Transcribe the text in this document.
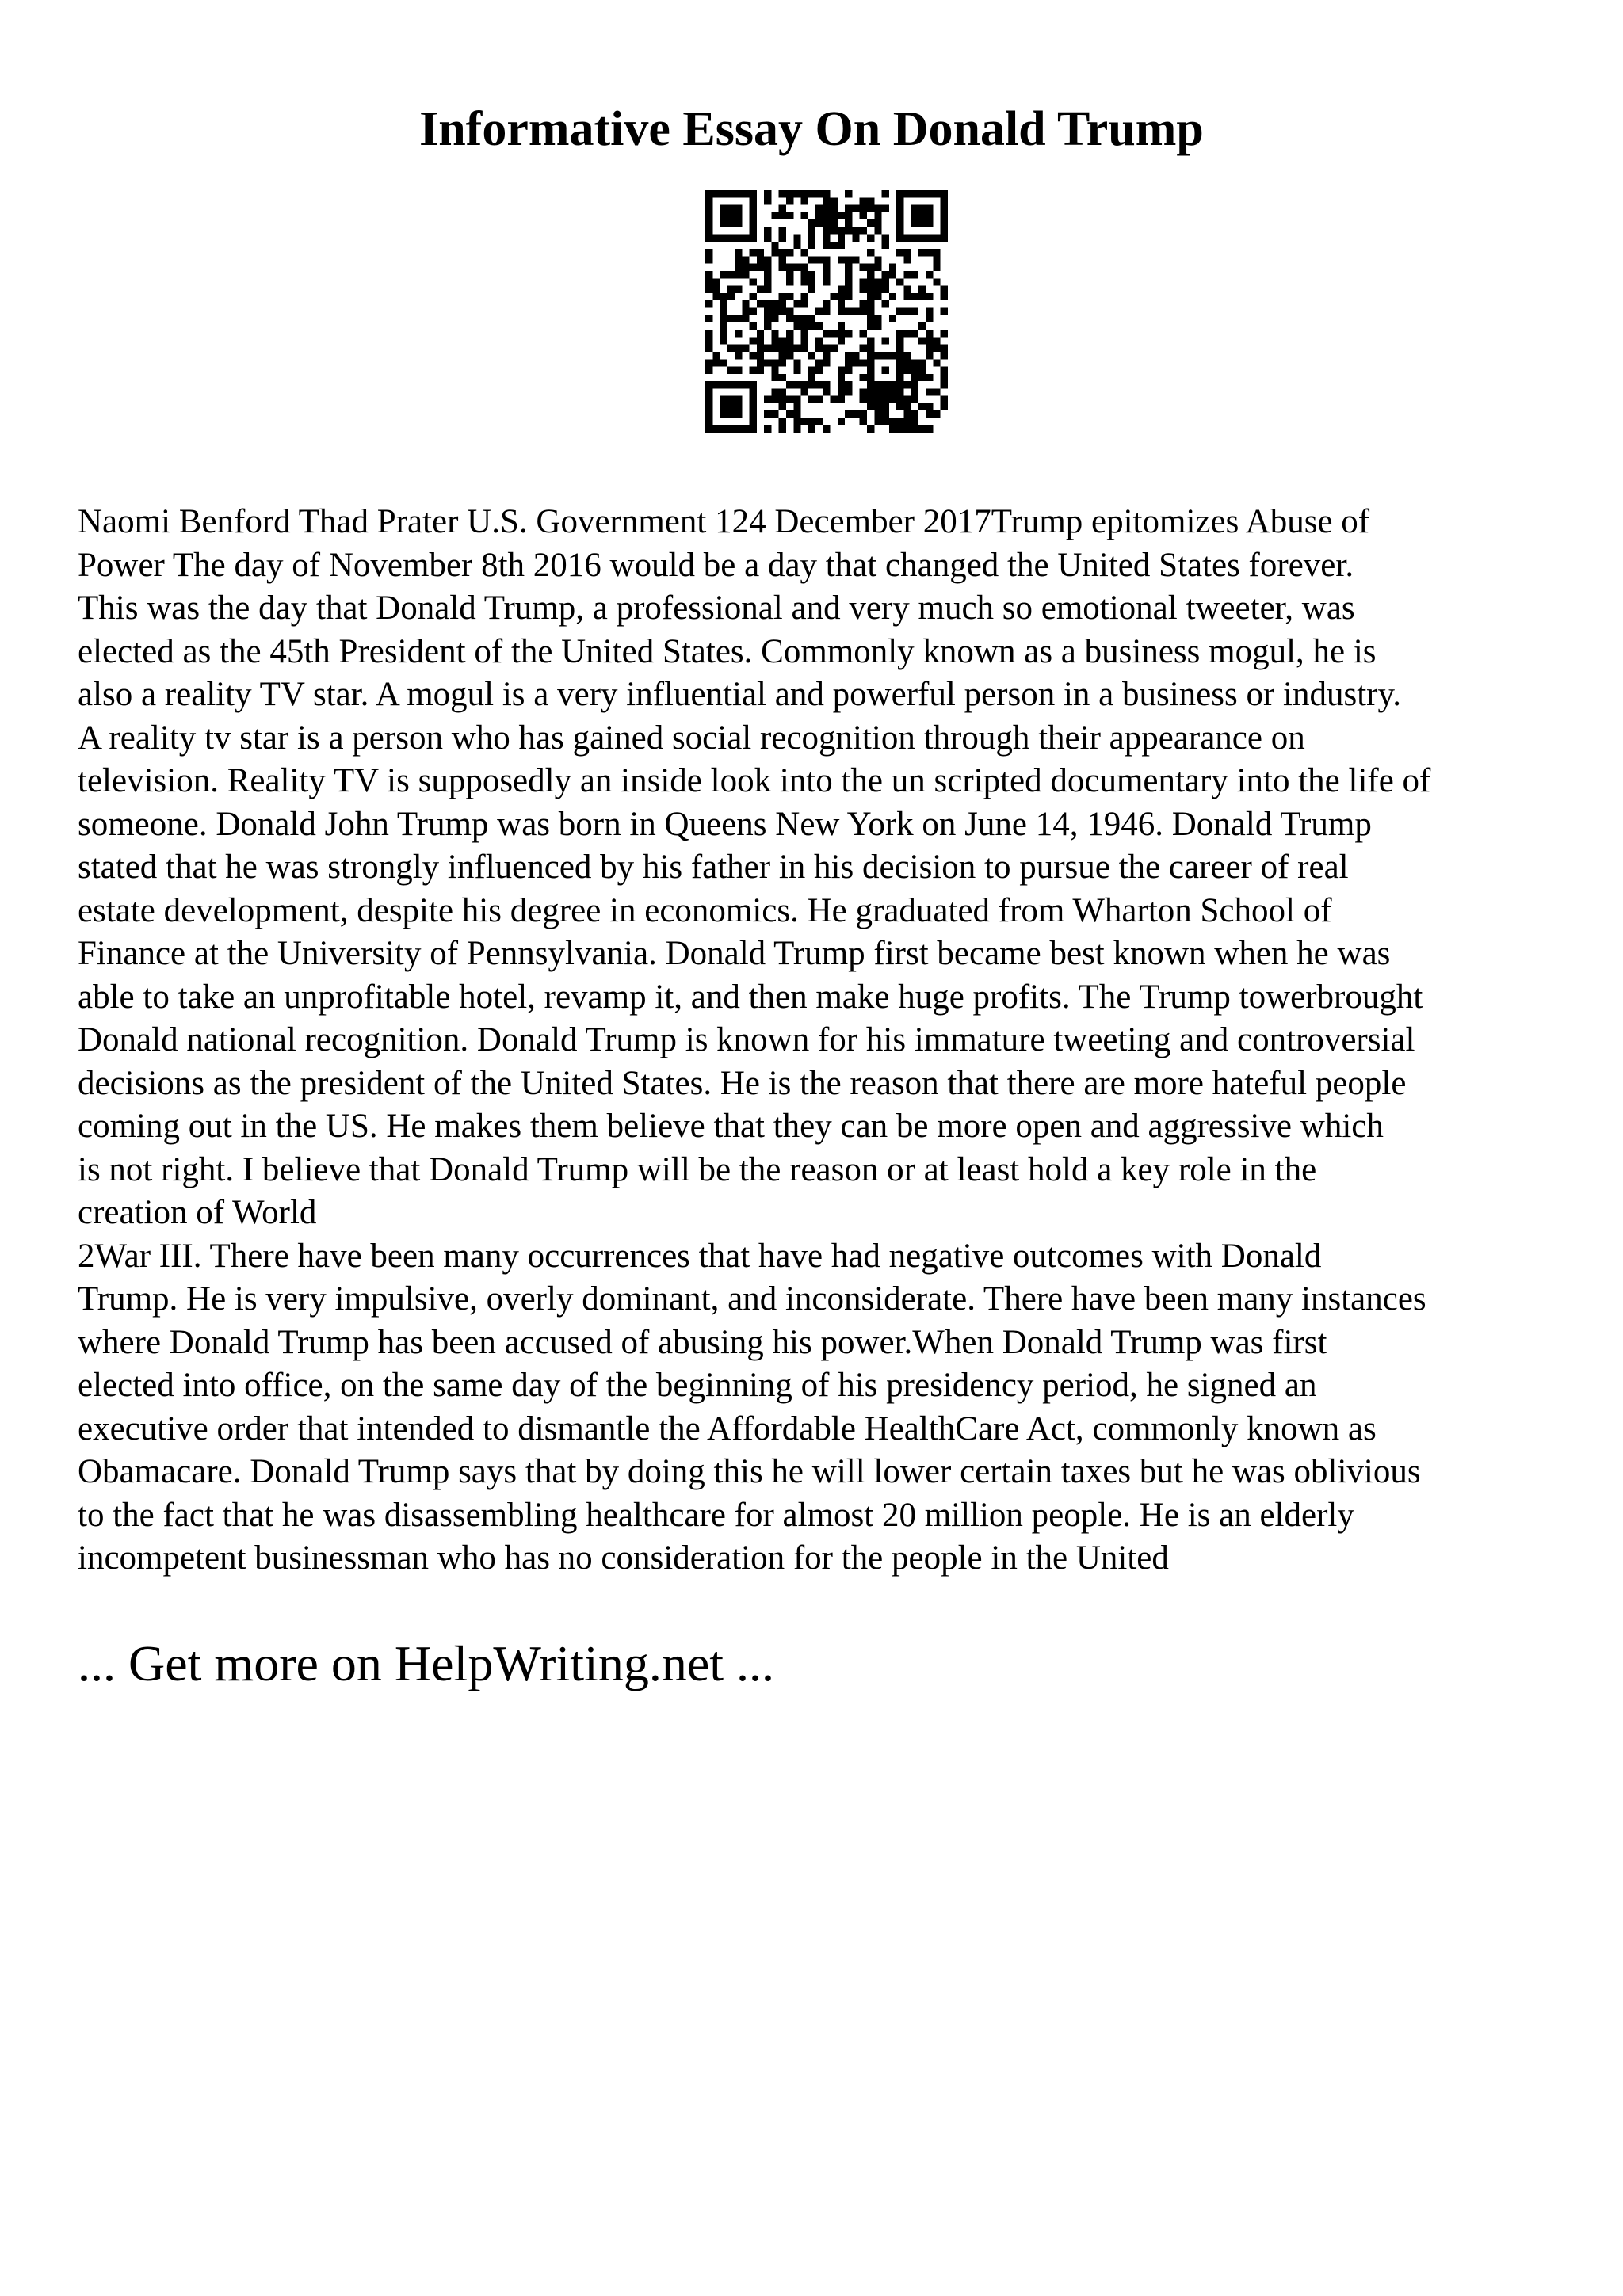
Informative Essay On Donald Trump
Naomi Benford Thad Prater U.S. Government 124 December 2017Trump epitomizes Abuse of
Power The day of November 8th 2016 would be a day that changed the United States forever.
This was the day that Donald Trump, a professional and very much so emotional tweeter, was
elected as the 45th President of the United States. Commonly known as a business mogul, he is
also a reality TV star. A mogul is a very influential and powerful person in a business or industry.
A reality tv star is a person who has gained social recognition through their appearance on
television. Reality TV is supposedly an inside look into the un scripted documentary into the life of
someone. Donald John Trump was born in Queens New York on June 14, 1946. Donald Trump
stated that he was strongly influenced by his father in his decision to pursue the career of real
estate development, despite his degree in economics. He graduated from Wharton School of
Finance at the University of Pennsylvania. Donald Trump first became best known when he was
able to take an unprofitable hotel, revamp it, and then make huge profits. The Trump towerbrought
Donald national recognition. Donald Trump is known for his immature tweeting and controversial
decisions as the president of the United States. He is the reason that there are more hateful people
coming out in the US. He makes them believe that they can be more open and aggressive which
is not right. I believe that Donald Trump will be the reason or at least hold a key role in the
creation of World
2War III. There have been many occurrences that have had negative outcomes with Donald
Trump. He is very impulsive, overly dominant, and inconsiderate. There have been many instances
where Donald Trump has been accused of abusing his power.When Donald Trump was first
elected into office, on the same day of the beginning of his presidency period, he signed an
executive order that intended to dismantle the Affordable HealthCare Act, commonly known as
Obamacare. Donald Trump says that by doing this he will lower certain taxes but he was oblivious
to the fact that he was disassembling healthcare for almost 20 million people. He is an elderly
incompetent businessman who has no consideration for the people in the United
... Get more on HelpWriting.net ...
